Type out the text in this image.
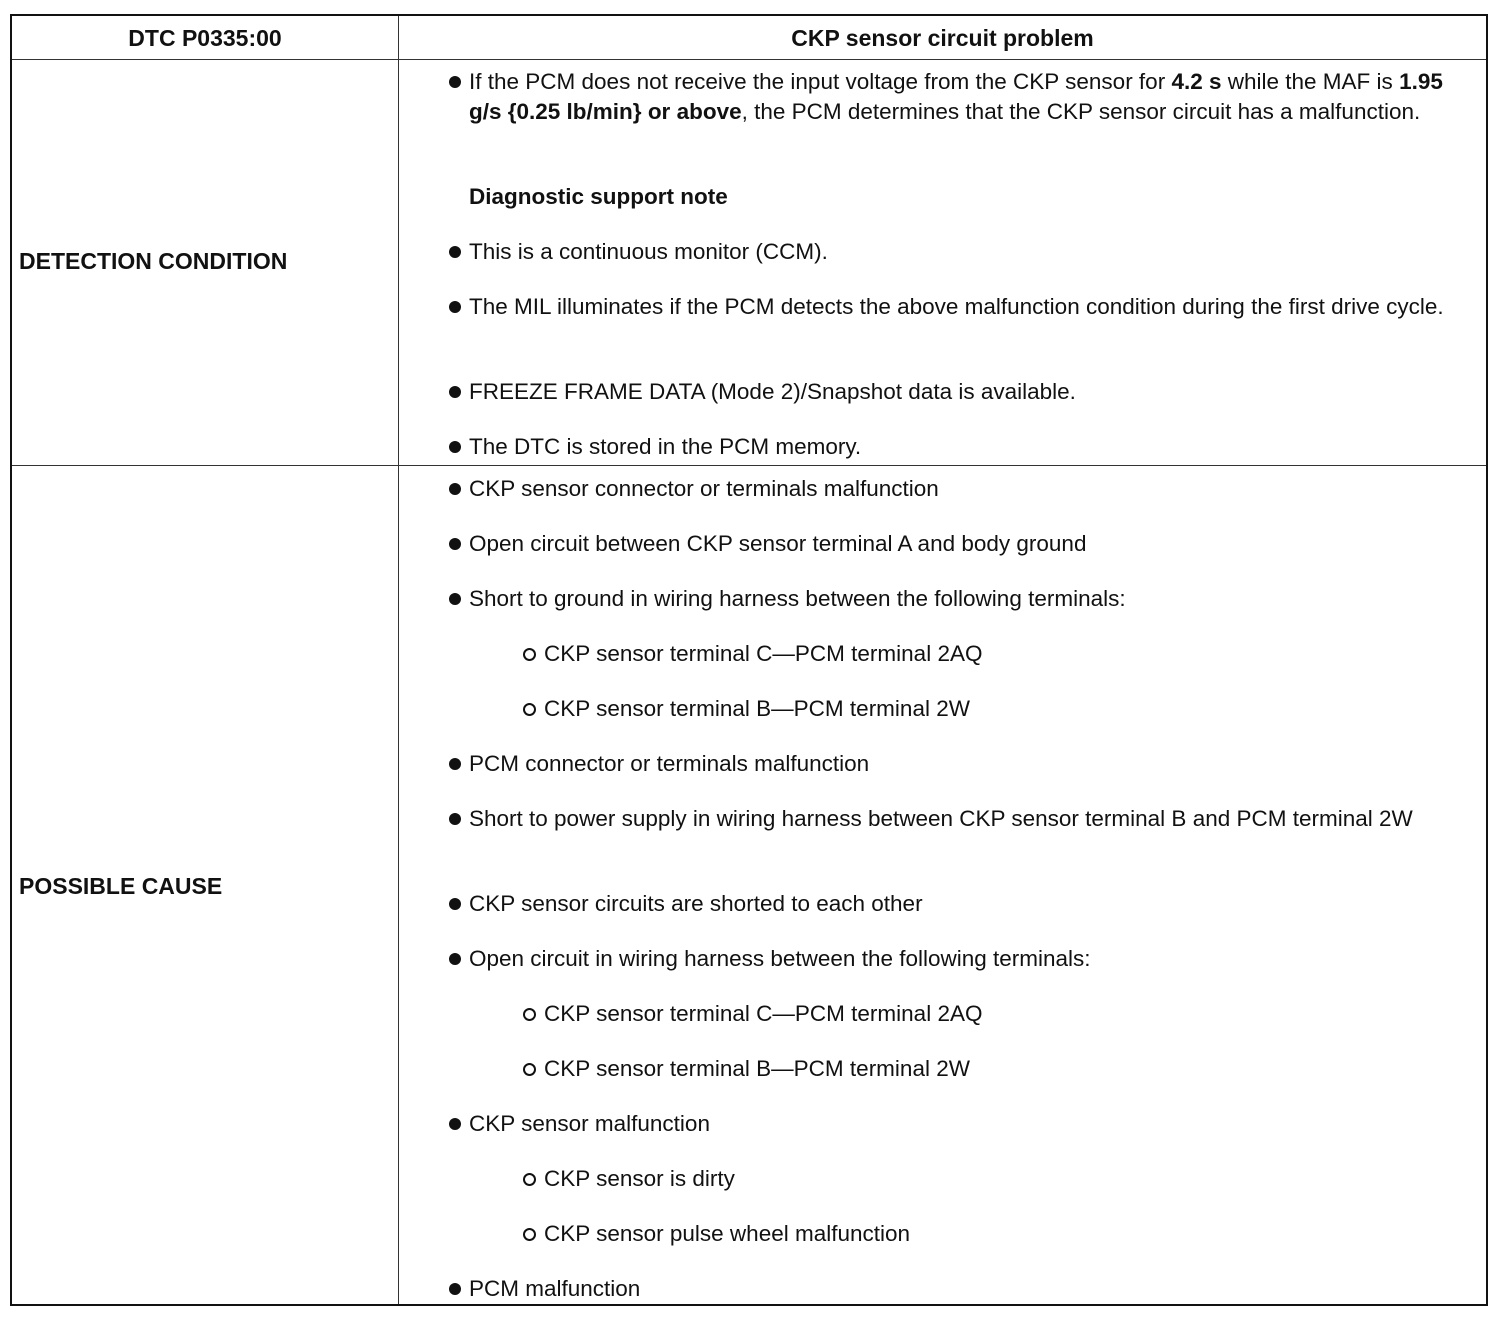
DTC P0335:00	CKP sensor circuit problem
DETECTION CONDITION
If the PCM does not receive the input voltage from the CKP sensor for 4.2 s while the MAF is 1.95 g/s {0.25 lb/min} or above, the PCM determines that the CKP sensor circuit has a malfunction.
Diagnostic support note
This is a continuous monitor (CCM).
The MIL illuminates if the PCM detects the above malfunction condition during the first drive cycle.
FREEZE FRAME DATA (Mode 2)/Snapshot data is available.
The DTC is stored in the PCM memory.
POSSIBLE CAUSE
CKP sensor connector or terminals malfunction
Open circuit between CKP sensor terminal A and body ground
Short to ground in wiring harness between the following terminals:
CKP sensor terminal C—PCM terminal 2AQ
CKP sensor terminal B—PCM terminal 2W
PCM connector or terminals malfunction
Short to power supply in wiring harness between CKP sensor terminal B and PCM terminal 2W
CKP sensor circuits are shorted to each other
Open circuit in wiring harness between the following terminals:
CKP sensor terminal C—PCM terminal 2AQ
CKP sensor terminal B—PCM terminal 2W
CKP sensor malfunction
CKP sensor is dirty
CKP sensor pulse wheel malfunction
PCM malfunction
